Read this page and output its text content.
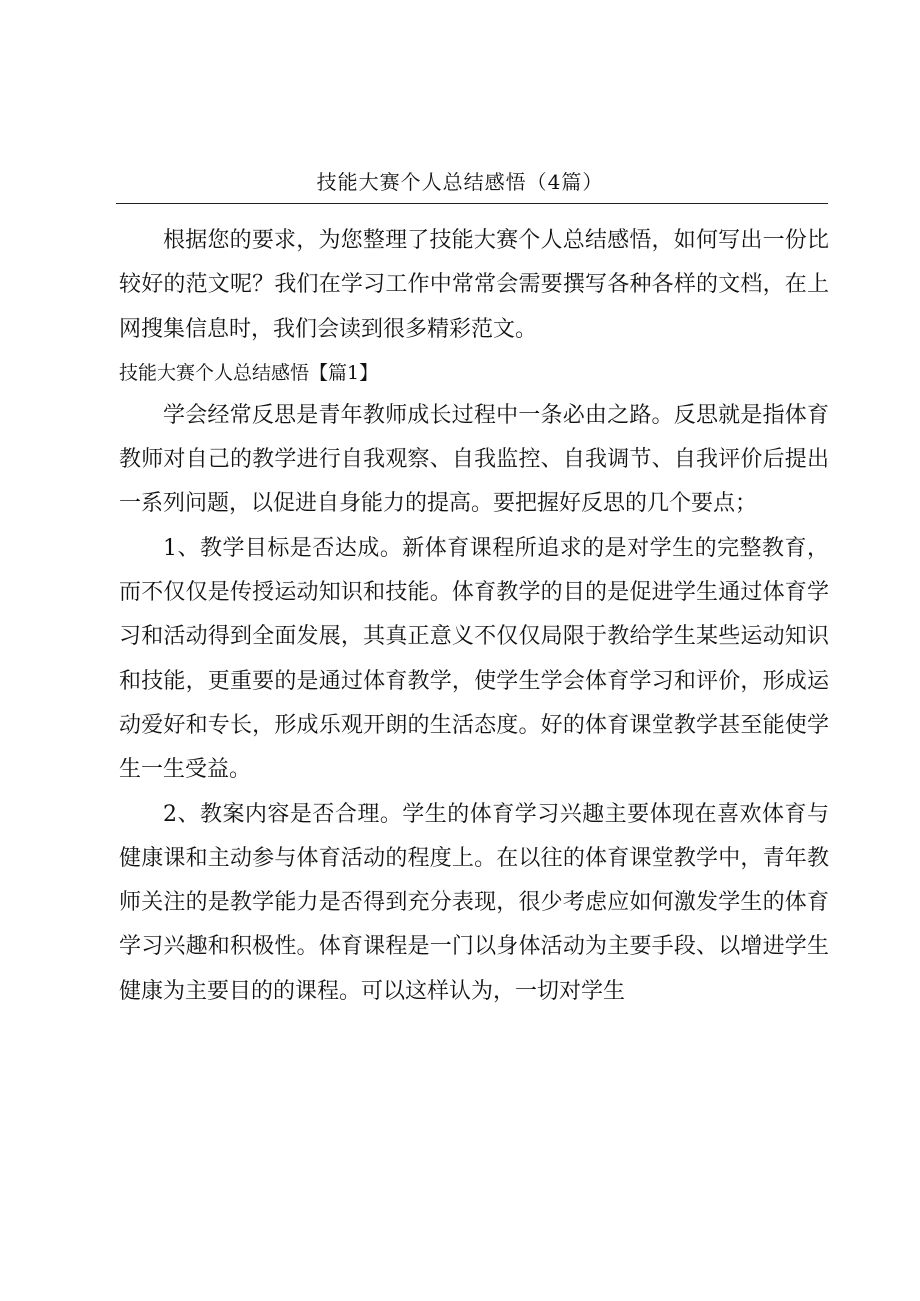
技能大赛个人总结感悟（4篇）

根据您的要求，为您整理了技能大赛个人总结感悟，如何写出一份比较好的范文呢？我们在学习工作中常常会需要撰写各种各样的文档，在上网搜集信息时，我们会读到很多精彩范文。

技能大赛个人总结感悟【篇1】

学会经常反思是青年教师成长过程中一条必由之路。反思就是指体育教师对自己的教学进行自我观察、自我监控、自我调节、自我评价后提出一系列问题，以促进自身能力的提高。要把握好反思的几个要点；

1、教学目标是否达成。新体育课程所追求的是对学生的完整教育，而不仅仅是传授运动知识和技能。体育教学的目的是促进学生通过体育学习和活动得到全面发展，其真正意义不仅仅局限于教给学生某些运动知识和技能，更重要的是通过体育教学，使学生学会体育学习和评价，形成运动爱好和专长，形成乐观开朗的生活态度。好的体育课堂教学甚至能使学生一生受益。

2、教案内容是否合理。学生的体育学习兴趣主要体现在喜欢体育与健康课和主动参与体育活动的程度上。在以往的体育课堂教学中，青年教师关注的是教学能力是否得到充分表现，很少考虑应如何激发学生的体育学习兴趣和积极性。体育课程是一门以身体活动为主要手段、以增进学生健康为主要目的的课程。可以这样认为，一切对学生
